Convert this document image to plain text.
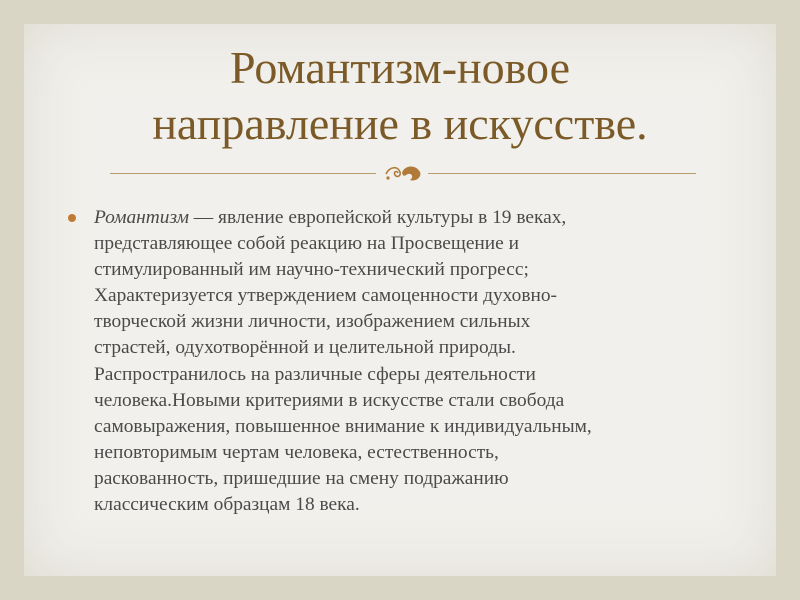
Романтизм-новое
направление в искусстве.
Романтизм — явление европейской культуры в 19 веках,
представляющее собой реакцию на Просвещение и
стимулированный им научно-технический прогресс;
Характеризуется утверждением самоценности духовно-
творческой жизни личности, изображением сильных
страстей, одухотворённой и целительной природы.
Распространилось на различные сферы деятельности
человека.Новыми критериями в искусстве стали свобода
самовыражения, повышенное внимание к индивидуальным,
неповторимым чертам человека, естественность,
раскованность, пришедшие на смену подражанию
классическим образцам 18 века.
